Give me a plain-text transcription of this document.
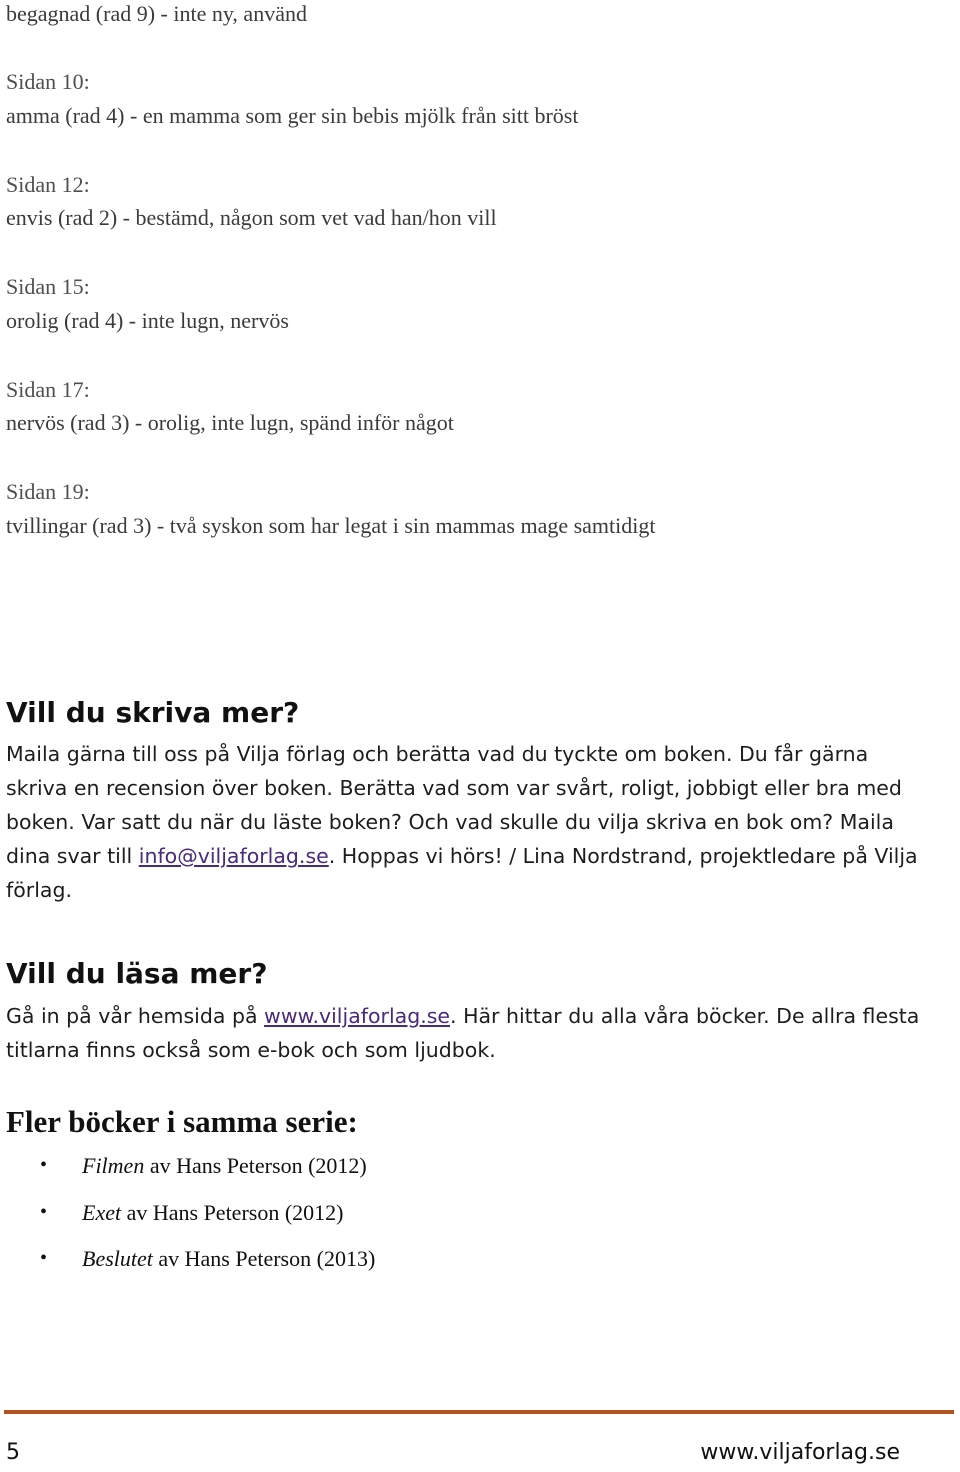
begagnad (rad 9) - inte ny, använd
Sidan 10:
amma (rad 4) - en mamma som ger sin bebis mjölk från sitt bröst
Sidan 12:
envis (rad 2) - bestämd, någon som vet vad han/hon vill
Sidan 15:
orolig (rad 4) - inte lugn, nervös
Sidan 17:
nervös (rad 3) - orolig, inte lugn, spänd inför något
Sidan 19:
tvillingar (rad 3) - två syskon som har legat i sin mammas mage samtidigt
Vill du skriva mer?
Maila gärna till oss på Vilja förlag och berätta vad du tyckte om boken. Du får gärna skriva en recension över boken. Berätta vad som var svårt, roligt, jobbigt eller bra med boken. Var satt du när du läste boken? Och vad skulle du vilja skriva en bok om? Maila dina svar till info@viljaforlag.se. Hoppas vi hörs! / Lina Nordstrand, projektledare på Vilja förlag.
Vill du läsa mer?
Gå in på vår hemsida på www.viljaforlag.se. Här hittar du alla våra böcker. De allra flesta titlarna finns också som e-bok och som ljudbok.
Fler böcker i samma serie:
• Filmen av Hans Peterson (2012)
• Exet av Hans Peterson (2012)
• Beslutet av Hans Peterson (2013)
5	www.viljaforlag.se
